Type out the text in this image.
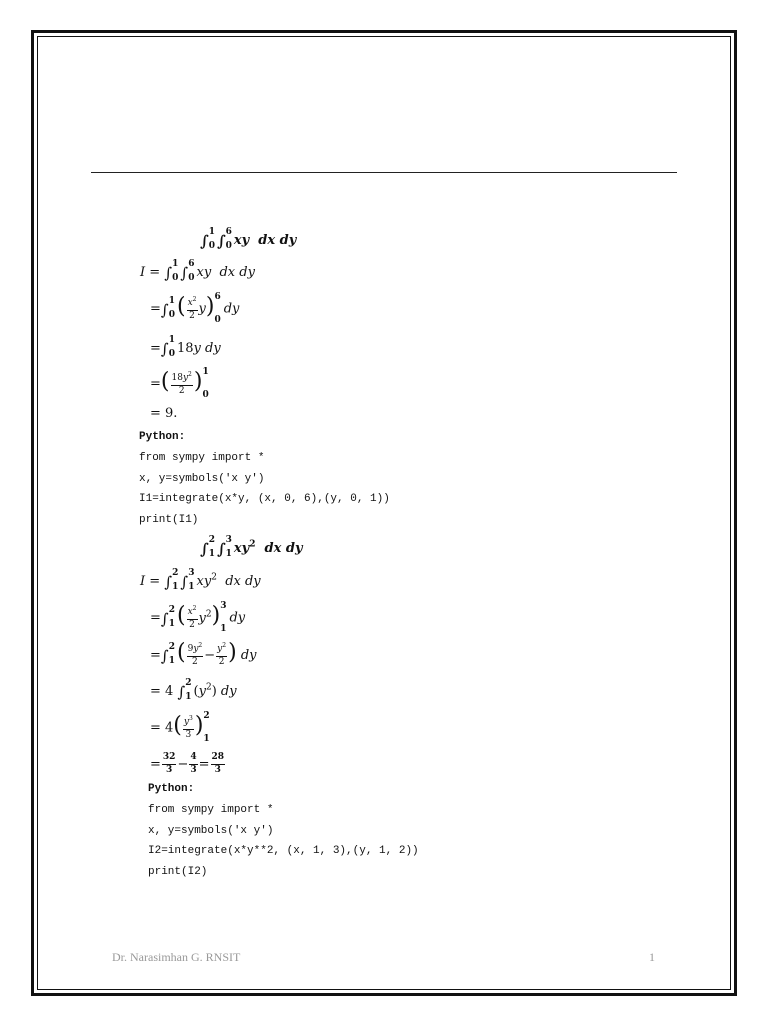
∫ 1
0 ∫ 6
0 xy  dx dy
I = ∫ 1
0 ∫ 6
0 xy  dx dy
=∫ 1
0 ( $\frac{x^2}{2} y$) 6
0
dy
=∫ 1
0 18y dy
=( $\frac{18y^2}{2}$ ) 1
0
= 9.
Python:
from sympy import *
x, y=symbols('x y')
I1=integrate(x*y, (x, 0, 6),(y, 0, 1))
print(I1)
∫ 2
1 ∫ 3
1 $xy^2$  dx dy
I = ∫ 2
1 ∫ 3
1 $xy^2$  dx dy
=∫ 2
1 ( $\frac{x^2}{2} y^2$) 3
1
dy
=∫ 2
1 ( $\frac{9y^2}{2} - \frac{y^2}{2}$ ) dy
= 4 ∫ 2
1 $(y^2)$ dy
= $4( \frac{y^3}{3}$ ) 2
1
= $\frac{32}{3} - \frac{4}{3} = \frac{28}{3}$
Python:
from sympy import *
x, y=symbols('x y')
I2=integrate(x*y**2, (x, 1, 3),(y, 1, 2))
print(I2)
Dr. Narasimhan G. RNSIT	1
